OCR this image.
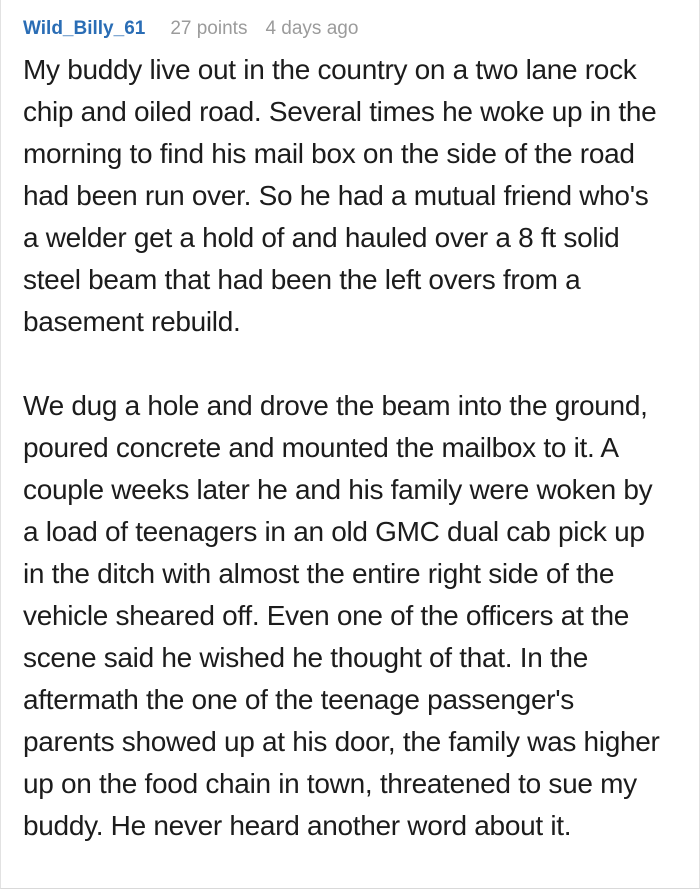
Wild_Billy_61 27 points 4 days ago

My buddy live out in the country on a two lane rock chip and oiled road. Several times he woke up in the morning to find his mail box on the side of the road had been run over. So he had a mutual friend who's a welder get a hold of and hauled over a 8 ft solid steel beam that had been the left overs from a basement rebuild.

We dug a hole and drove the beam into the ground, poured concrete and mounted the mailbox to it. A couple weeks later he and his family were woken by a load of teenagers in an old GMC dual cab pick up in the ditch with almost the entire right side of the vehicle sheared off. Even one of the officers at the scene said he wished he thought of that. In the aftermath the one of the teenage passenger's parents showed up at his door, the family was higher up on the food chain in town, threatened to sue my buddy. He never heard another word about it.
